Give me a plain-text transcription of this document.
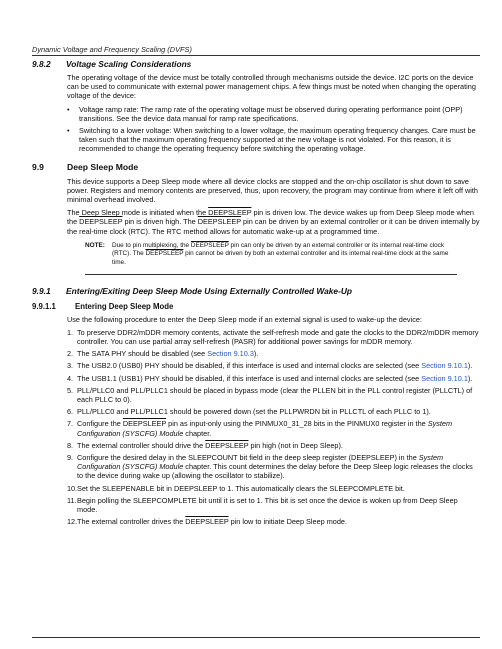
Dynamic Voltage and Frequency Scaling (DVFS)
9.8.2 Voltage Scaling Considerations

The operating voltage of the device must be totally controlled through mechanisms outside the device. I2C ports on the device can be used to communicate with external power management chips. A few things must be noted when changing the operating voltage of the device:

• Voltage ramp rate: The ramp rate of the operating voltage must be observed during operating performance point (OPP) transitions. See the device data manual for ramp rate specifications.
• Switching to a lower voltage: When switching to a lower voltage, the maximum operating frequency changes. Care must be taken such that the maximum operating frequency supported at the new voltage is not violated. For this reason, it is recommended to change the operating frequency before switching the operating voltage.
9.9	Deep Sleep Mode

This device supports a Deep Sleep mode where all device clocks are stopped and the on-chip oscillator is shut down to save power. Registers and memory contents are preserved, thus, upon recovery, the program may continue from where it left off with minimal overhead involved.

The Deep Sleep mode is initiated when the DEEPSLEEP pin is driven low. The device wakes up from Deep Sleep mode when the DEEPSLEEP pin is driven high. The DEEPSLEEP pin can be driven by an external controller or it can be driven internally by the real-time clock (RTC). The RTC method allows for automatic wake-up at a programmed time.

NOTE:	Due to pin multiplexing, the DEEPSLEEP pin can only be driven by an external controller or its internal real-time clock (RTC). The DEEPSLEEP pin cannot be driven by both an external controller and its internal real-time clock at the same time.
9.9.1 Entering/Exiting Deep Sleep Mode Using Externally Controlled Wake-Up
9.9.1.1 Entering Deep Sleep Mode

Use the following procedure to enter the Deep Sleep mode if an external signal is used to wake-up the device:

1. To preserve DDR2/mDDR memory contents, activate the self-refresh mode and gate the clocks to the DDR2/mDDR memory controller. You can use partial array self-refresh (PASR) for additional power savings for mDDR memory.
2. The SATA PHY should be disabled (see Section 9.10.3).
3. The USB2.0 (USB0) PHY should be disabled, if this interface is used and internal clocks are selected (see Section 9.10.1).
4. The USB1.1 (USB1) PHY should be disabled, if this interface is used and internal clocks are selected (see Section 9.10.1).
5. PLL/PLLC0 and PLL/PLLC1 should be placed in bypass mode (clear the PLLEN bit in the PLL control register (PLLCTL) of each PLLC to 0).
6. PLL/PLLC0 and PLL/PLLC1 should be powered down (set the PLLPWRDN bit in PLLCTL of each PLLC to 1).
7. Configure the DEEPSLEEP pin as input-only using the PINMUX0_31_28 bits in the PINMUX0 register in the System Configuration (SYSCFG) Module chapter.
8. The external controller should drive the DEEPSLEEP pin high (not in Deep Sleep).
9. Configure the desired delay in the SLEEPCOUNT bit field in the deep sleep register (DEEPSLEEP) in the System Configuration (SYSCFG) Module chapter. This count determines the delay before the Deep Sleep logic releases the clocks to the device during wake up (allowing the oscillator to stabilize).
10. Set the SLEEPENABLE bit in DEEPSLEEP to 1. This automatically clears the SLEEPCOMPLETE bit.
11. Begin polling the SLEEPCOMPLETE bit until it is set to 1. This bit is set once the device is woken up from Deep Sleep mode.
12. The external controller drives the DEEPSLEEP pin low to initiate Deep Sleep mode.
